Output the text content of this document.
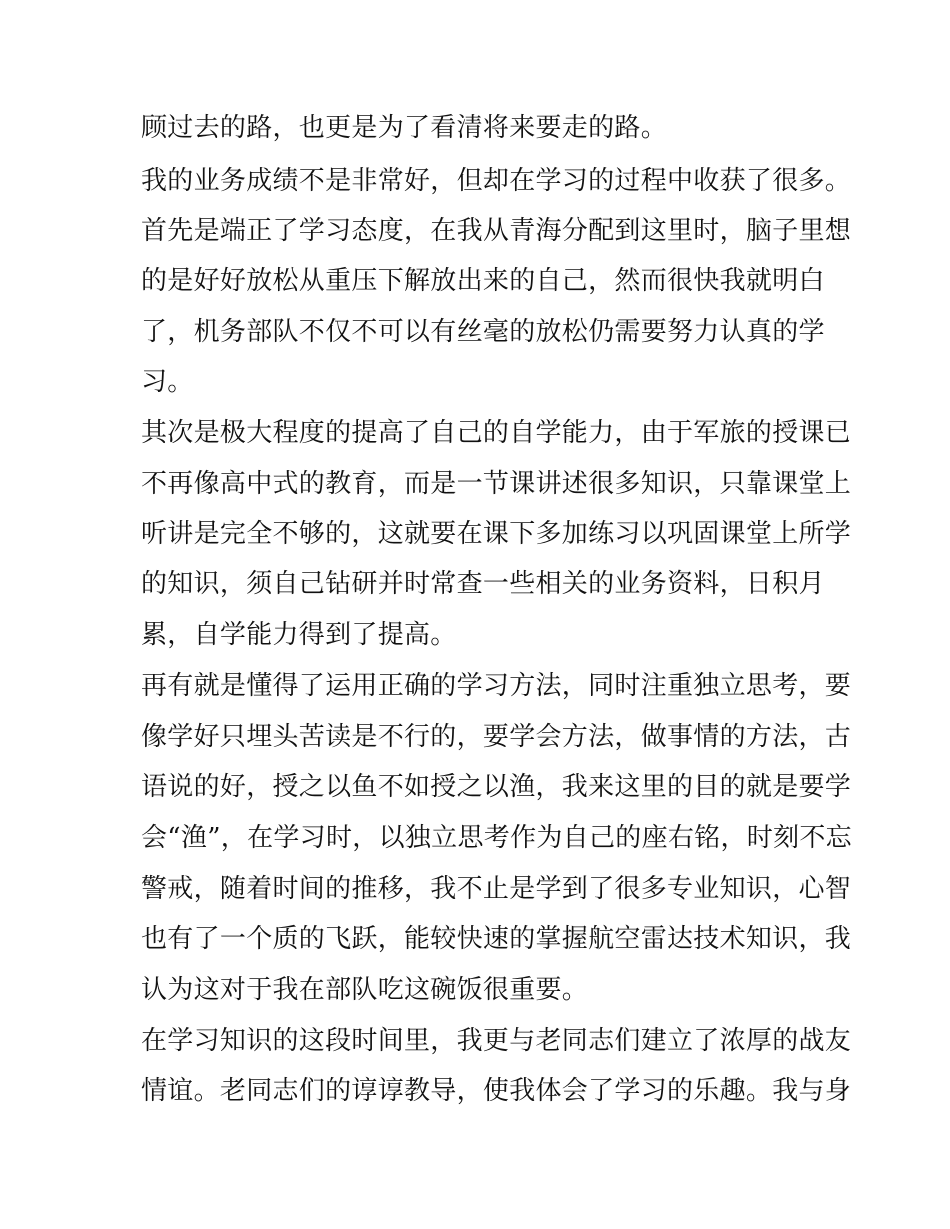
顾过去的路，也更是为了看清将来要走的路。
我的业务成绩不是非常好，但却在学习的过程中收获了很多。
首先是端正了学习态度，在我从青海分配到这里时，脑子里想
的是好好放松从重压下解放出来的自己，然而很快我就明白
了，机务部队不仅不可以有丝毫的放松仍需要努力认真的学
习。
其次是极大程度的提高了自己的自学能力，由于军旅的授课已
不再像高中式的教育，而是一节课讲述很多知识，只靠课堂上
听讲是完全不够的，这就要在课下多加练习以巩固课堂上所学
的知识，须自己钻研并时常查一些相关的业务资料，日积月
累，自学能力得到了提高。
再有就是懂得了运用正确的学习方法，同时注重独立思考，要
像学好只埋头苦读是不行的，要学会方法，做事情的方法，古
语说的好，授之以鱼不如授之以渔，我来这里的目的就是要学
会“渔”，在学习时，以独立思考作为自己的座右铭，时刻不忘
警戒，随着时间的推移，我不止是学到了很多专业知识，心智
也有了一个质的飞跃，能较快速的掌握航空雷达技术知识，我
认为这对于我在部队吃这碗饭很重要。
在学习知识的这段时间里，我更与老同志们建立了浓厚的战友
情谊。老同志们的谆谆教导，使我体会了学习的乐趣。我与身
